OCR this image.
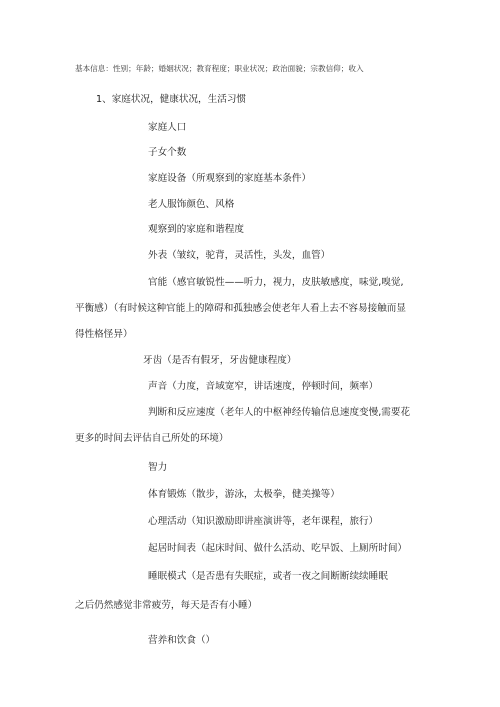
基本信息：性别；年龄；婚姻状况；教育程度；职业状况；政治面貌；宗教信仰；收入
1、家庭状况，健康状况，生活习惯
家庭人口
子女个数
家庭设备（所观察到的家庭基本条件）
老人服饰颜色、风格
观察到的家庭和谐程度
外表（皱纹，驼背，灵活性，头发，血管）
官能（感官敏锐性——听力，视力，皮肤敏感度，味觉,嗅觉,
平衡感）（有时候这种官能上的障碍和孤独感会使老年人看上去不容易接触而显
得性格怪异）
牙齿（是否有假牙，牙齿健康程度）
声音（力度，音域宽窄，讲话速度，停顿时间，频率）
判断和反应速度（老年人的中枢神经传输信息速度变慢,需要花
更多的时间去评估自己所处的环境）
智力
体育锻炼（散步，游泳，太极拳，健美操等）
心理活动（知识激励即讲座演讲等，老年课程，旅行）
起居时间表（起床时间、做什么活动、吃早饭、上厕所时间）
睡眠模式（是否患有失眠症，或者一夜之间断断续续睡眠
之后仍然感觉非常疲劳，每天是否有小睡）
营养和饮食（）
